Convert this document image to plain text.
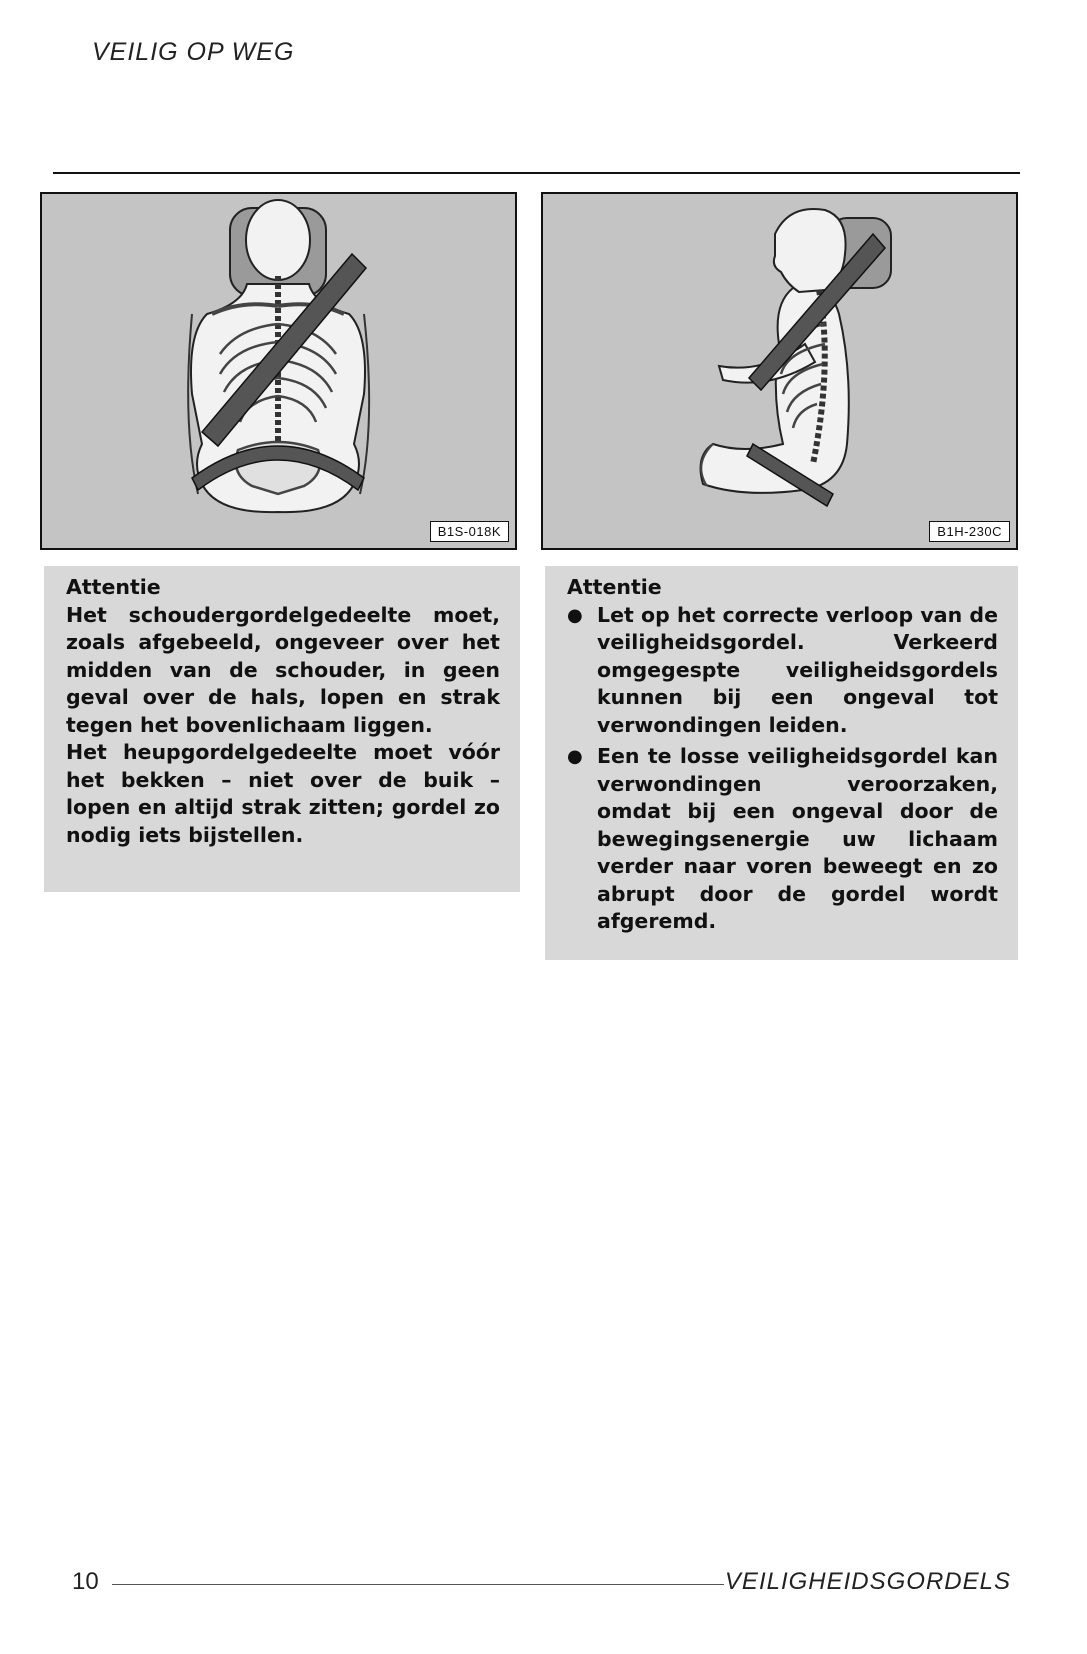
VEILIG OP WEG
B1S-018K	B1H-230C
Attentie

Het schoudergordelgedeelte moet, zoals afgebeeld, ongeveer over het midden van de schouder, in geen geval over de hals, lopen en strak tegen het bovenlichaam liggen.

Het heupgordelgedeelte moet vóór het bekken – niet over de buik – lopen en altijd strak zitten; gordel zo nodig iets bijstellen.

Attentie
● Let op het correcte verloop van de veiligheidsgordel. Verkeerd omgegespte veiligheidsgordels kunnen bij een ongeval tot verwondingen leiden.
● Een te losse veiligheidsgordel kan verwondingen veroorzaken, omdat bij een ongeval door de bewegingsenergie uw lichaam verder naar voren beweegt en zo abrupt door de gordel wordt afgeremd.
10	VEILIGHEIDSGORDELS
